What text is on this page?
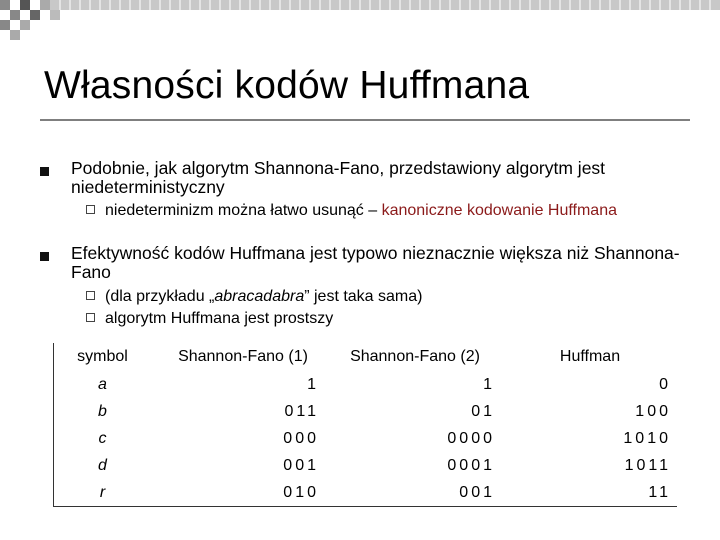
Własności kodów Huffmana
Podobnie, jak algorytm Shannona-Fano, przedstawiony algorytm jest niedeterministyczny
niedeterminizm można łatwo usunąć – kanoniczne kodowanie Huffmana
Efektywność kodów Huffmana jest typowo nieznacznie większa niż Shannona-Fano
(dla przykładu „abracadabra” jest taka sama)
algorytm Huffmana jest prostszy
symbol	Shannon-Fano (1)	Shannon-Fano (2)	Huffman
a	1	1	0
b	011	01	100
c	000	0000	1010
d	001	0001	1011
r	010	001	11
